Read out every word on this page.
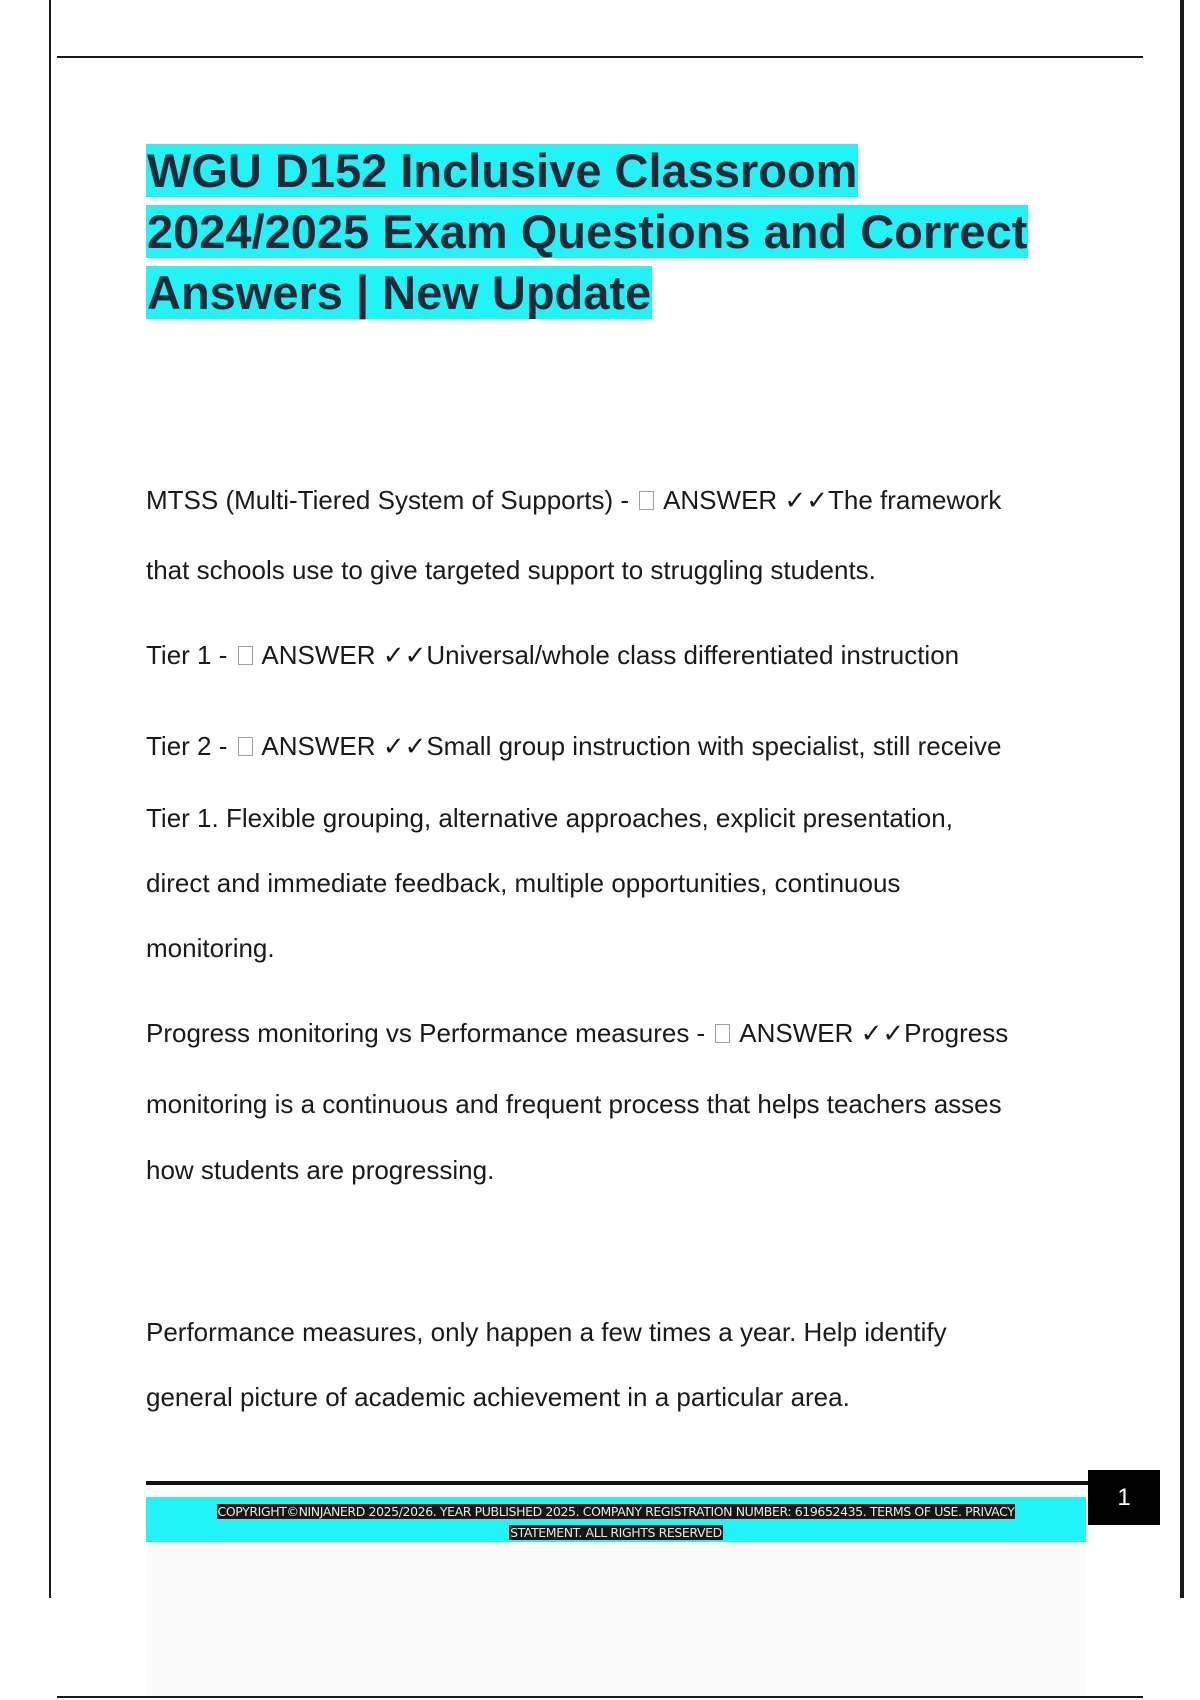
WGU D152 Inclusive Classroom
2024/2025 Exam Questions and Correct
Answers | New Update

MTSS (Multi-Tiered System of Supports) -  ANSWER ✓✓The framework

that schools use to give targeted support to struggling students.

Tier 1 -  ANSWER ✓✓Universal/whole class differentiated instruction

Tier 2 -  ANSWER ✓✓Small group instruction with specialist, still receive

Tier 1. Flexible grouping, alternative approaches, explicit presentation,

direct and immediate feedback, multiple opportunities, continuous

monitoring.

Progress monitoring vs Performance measures -  ANSWER ✓✓Progress

monitoring is a continuous and frequent process that helps teachers asses

how students are progressing.

Performance measures, only happen a few times a year. Help identify

general picture of academic achievement in a particular area.

COPYRIGHT©NINJANERD 2025/2026. YEAR PUBLISHED 2025. COMPANY REGISTRATION NUMBER: 619652435. TERMS OF USE. PRIVACY
STATEMENT. ALL RIGHTS RESERVED
1
